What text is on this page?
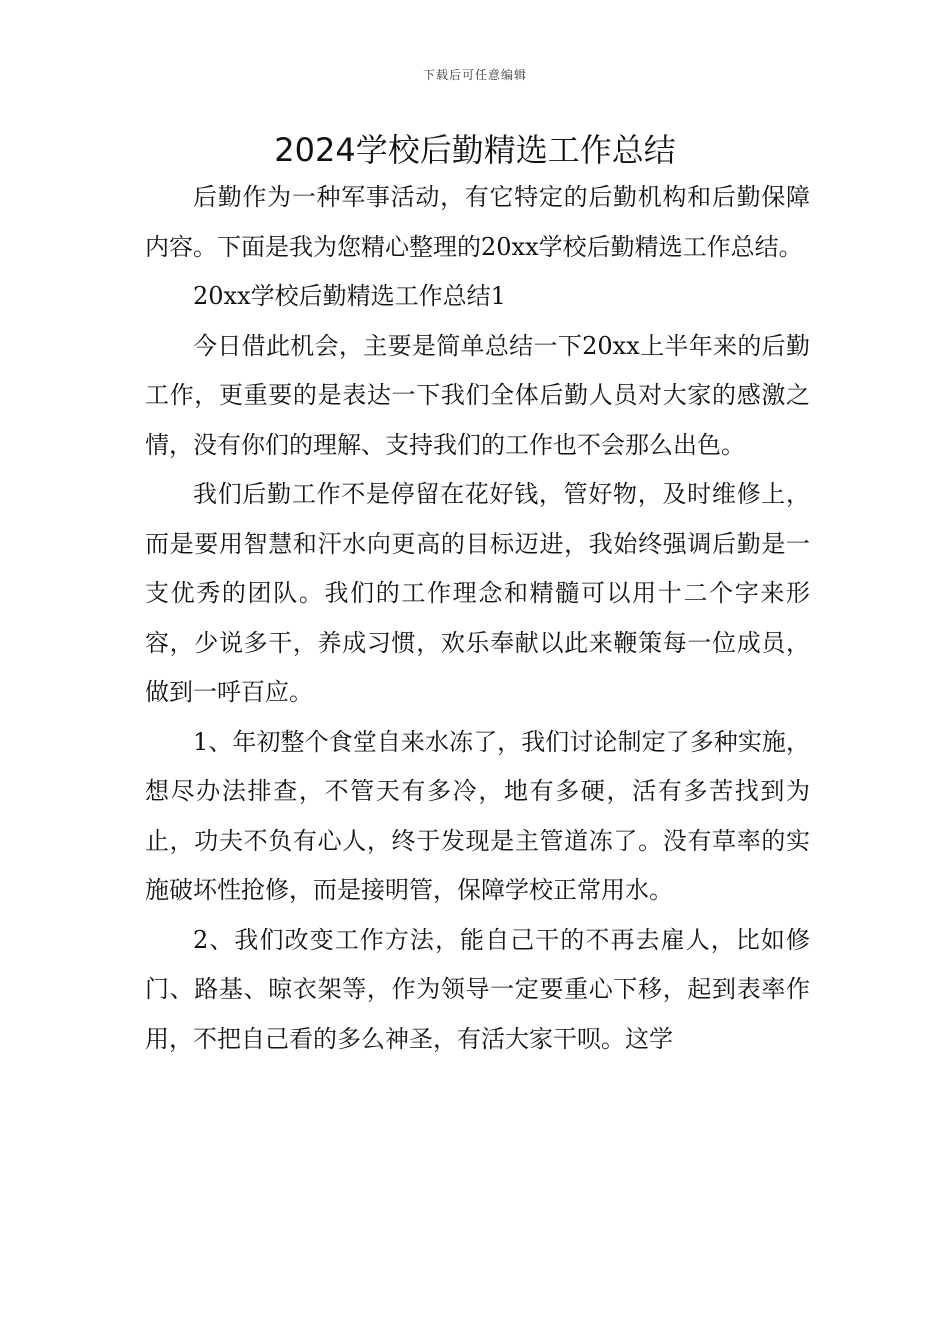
下载后可任意编辑
2024学校后勤精选工作总结

后勤作为一种军事活动，有它特定的后勤机构和后勤保障内容。下面是我为您精心整理的20xx学校后勤精选工作总结。

20xx学校后勤精选工作总结1

今日借此机会，主要是简单总结一下20xx上半年来的后勤工作，更重要的是表达一下我们全体后勤人员对大家的感激之情，没有你们的理解、支持我们的工作也不会那么出色。

我们后勤工作不是停留在花好钱，管好物，及时维修上，而是要用智慧和汗水向更高的目标迈进，我始终强调后勤是一支优秀的团队。我们的工作理念和精髓可以用十二个字来形容，少说多干，养成习惯，欢乐奉献以此来鞭策每一位成员，做到一呼百应。

1、年初整个食堂自来水冻了，我们讨论制定了多种实施，想尽办法排查，不管天有多冷，地有多硬，活有多苦找到为止，功夫不负有心人，终于发现是主管道冻了。没有草率的实施破坏性抢修，而是接明管，保障学校正常用水。

2、我们改变工作方法，能自己干的不再去雇人，比如修门、路基、晾衣架等，作为领导一定要重心下移，起到表率作用，不把自己看的多么神圣，有活大家干呗。这学
